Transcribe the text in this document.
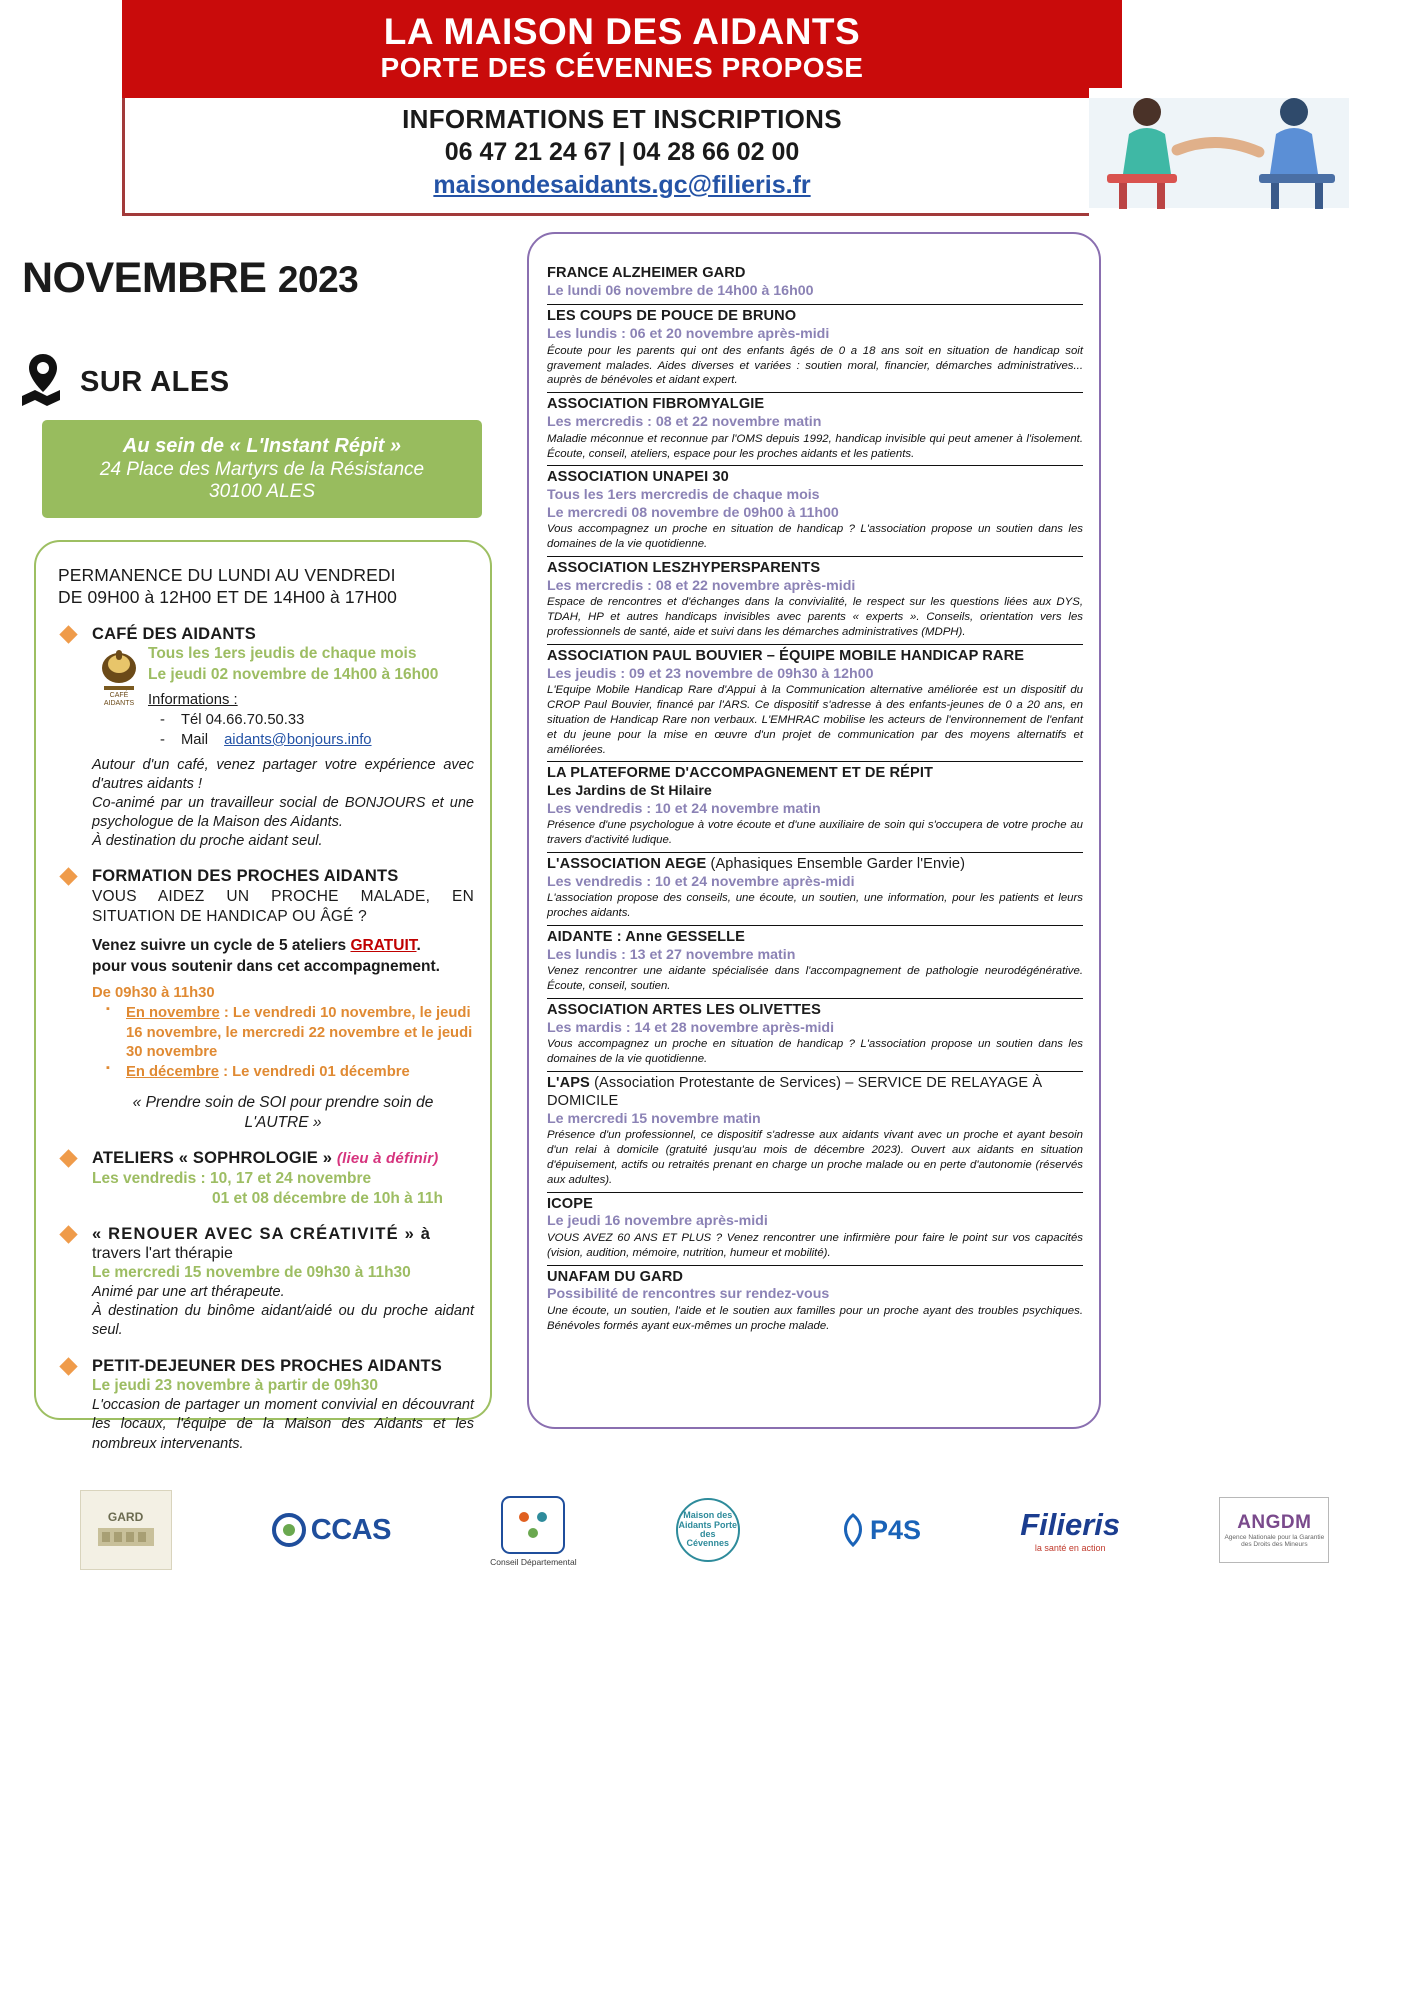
LA MAISON DES AIDANTS
PORTE DES CÉVENNES PROPOSE
INFORMATIONS ET INSCRIPTIONS
06 47 21 24 67 | 04 28 66 02 00
maisondesaidants.gc@filieris.fr
NOVEMBRE 2023
SUR ALES
Au sein de « L'Instant Répit »
24 Place des Martyrs de la Résistance
30100 ALES
PERMANENCE DU LUNDI AU VENDREDI
DE 09H00 à 12H00 ET DE 14H00 à 17H00
CAFÉ DES AIDANTS
CAFÉ
AIDANTS
Tous les 1ers jeudis de chaque mois
Le jeudi 02 novembre de 14h00 à 16h00
Informations :
- Tél 04.66.70.50.33
- Mail aidants@bonjours.info
Autour d'un café, venez partager votre expérience avec d'autres aidants !
Co-animé par un travailleur social de BONJOURS et une psychologue de la Maison des Aidants.
À destination du proche aidant seul.
FORMATION DES PROCHES AIDANTS
VOUS AIDEZ UN PROCHE MALADE, EN SITUATION DE HANDICAP OU ÂGÉ ?
Venez suivre un cycle de 5 ateliers GRATUIT.
pour vous soutenir dans cet accompagnement.
De 09h30 à 11h30
▪ En novembre : Le vendredi 10 novembre, le jeudi 16 novembre, le mercredi 22 novembre et le jeudi 30 novembre
▪ En décembre : Le vendredi 01 décembre
« Prendre soin de SOI pour prendre soin de
L'AUTRE »
ATELIERS « SOPHROLOGIE » (lieu à définir)
Les vendredis : 10, 17 et 24 novembre
01 et 08 décembre de 10h à 11h
« RENOUER AVEC SA CRÉATIVITÉ » à
travers l'art thérapie
Le mercredi 15 novembre de 09h30 à 11h30
Animé par une art thérapeute.
À destination du binôme aidant/aidé ou du proche aidant seul.
PETIT-DEJEUNER DES PROCHES AIDANTS
Le jeudi 23 novembre à partir de 09h30
L'occasion de partager un moment convivial en découvrant les locaux, l'équipe de la Maison des Aidants et les nombreux intervenants.
FRANCE ALZHEIMER GARD
Le lundi 06 novembre de 14h00 à 16h00
LES COUPS DE POUCE DE BRUNO
Les lundis : 06 et 20 novembre après-midi
Écoute pour les parents qui ont des enfants âgés de 0 a 18 ans soit en situation de handicap soit gravement malades. Aides diverses et variées : soutien moral, financier, démarches administratives... auprès de bénévoles et aidant expert.
ASSOCIATION FIBROMYALGIE
Les mercredis : 08 et 22 novembre matin
Maladie méconnue et reconnue par l'OMS depuis 1992, handicap invisible qui peut amener à l'isolement. Écoute, conseil, ateliers, espace pour les proches aidants et les patients.
ASSOCIATION UNAPEI 30
Tous les 1ers mercredis de chaque mois
Le mercredi 08 novembre de 09h00 à 11h00
Vous accompagnez un proche en situation de handicap ? L'association propose un soutien dans les domaines de la vie quotidienne.
ASSOCIATION LESZHYPERSPARENTS
Les mercredis : 08 et 22 novembre après-midi
Espace de rencontres et d'échanges dans la convivialité, le respect sur les questions liées aux DYS, TDAH, HP et autres handicaps invisibles avec parents « experts ». Conseils, orientation vers les professionnels de santé, aide et suivi dans les démarches administratives (MDPH).
ASSOCIATION PAUL BOUVIER – ÉQUIPE MOBILE HANDICAP RARE
Les jeudis : 09 et 23 novembre de 09h30 à 12h00
L'Equipe Mobile Handicap Rare d'Appui à la Communication alternative améliorée est un dispositif du CROP Paul Bouvier, financé par l'ARS. Ce dispositif s'adresse à des enfants-jeunes de 0 a 20 ans, en situation de Handicap Rare non verbaux. L'EMHRAC mobilise les acteurs de l'environnement de l'enfant et du jeune pour la mise en œuvre d'un projet de communication par des moyens alternatifs et améliorées.
LA PLATEFORME D'ACCOMPAGNEMENT ET DE RÉPIT
Les Jardins de St Hilaire
Les vendredis : 10 et 24 novembre matin
Présence d'une psychologue à votre écoute et d'une auxiliaire de soin qui s'occupera de votre proche au travers d'activité ludique.
L'ASSOCIATION AEGE (Aphasiques Ensemble Garder l'Envie)
Les vendredis : 10 et 24 novembre après-midi
L'association propose des conseils, une écoute, un soutien, une information, pour les patients et leurs proches aidants.
AIDANTE : Anne GESSELLE
Les lundis : 13 et 27 novembre matin
Venez rencontrer une aidante spécialisée dans l'accompagnement de pathologie neurodégénérative. Écoute, conseil, soutien.
ASSOCIATION ARTES LES OLIVETTES
Les mardis : 14 et 28 novembre après-midi
Vous accompagnez un proche en situation de handicap ? L'association propose un soutien dans les domaines de la vie quotidienne.
L'APS (Association Protestante de Services) – SERVICE DE RELAYAGE À DOMICILE
Le mercredi 15 novembre matin
Présence d'un professionnel, ce dispositif s'adresse aux aidants vivant avec un proche et ayant besoin d'un relai à domicile (gratuité jusqu'au mois de décembre 2023). Ouvert aux aidants en situation d'épuisement, actifs ou retraités prenant en charge un proche malade ou en perte d'autonomie (réservés aux adultes).
ICOPE
Le jeudi 16 novembre après-midi
VOUS AVEZ 60 ANS ET PLUS ? Venez rencontrer une infirmière pour faire le point sur vos capacités (vision, audition, mémoire, nutrition, humeur et mobilité).
UNAFAM DU GARD
Possibilité de rencontres sur rendez-vous
Une écoute, un soutien, l'aide et le soutien aux familles pour un proche ayant des troubles psychiques. Bénévoles formés ayant eux-mêmes un proche malade.
GARD	CCAS
Conseil Départemental
Maison des Aidants Porte des Cévennes	P4S	Filieris
la santé en action
ANGDM
Agence Nationale pour la Garantie des Droits des Mineurs
